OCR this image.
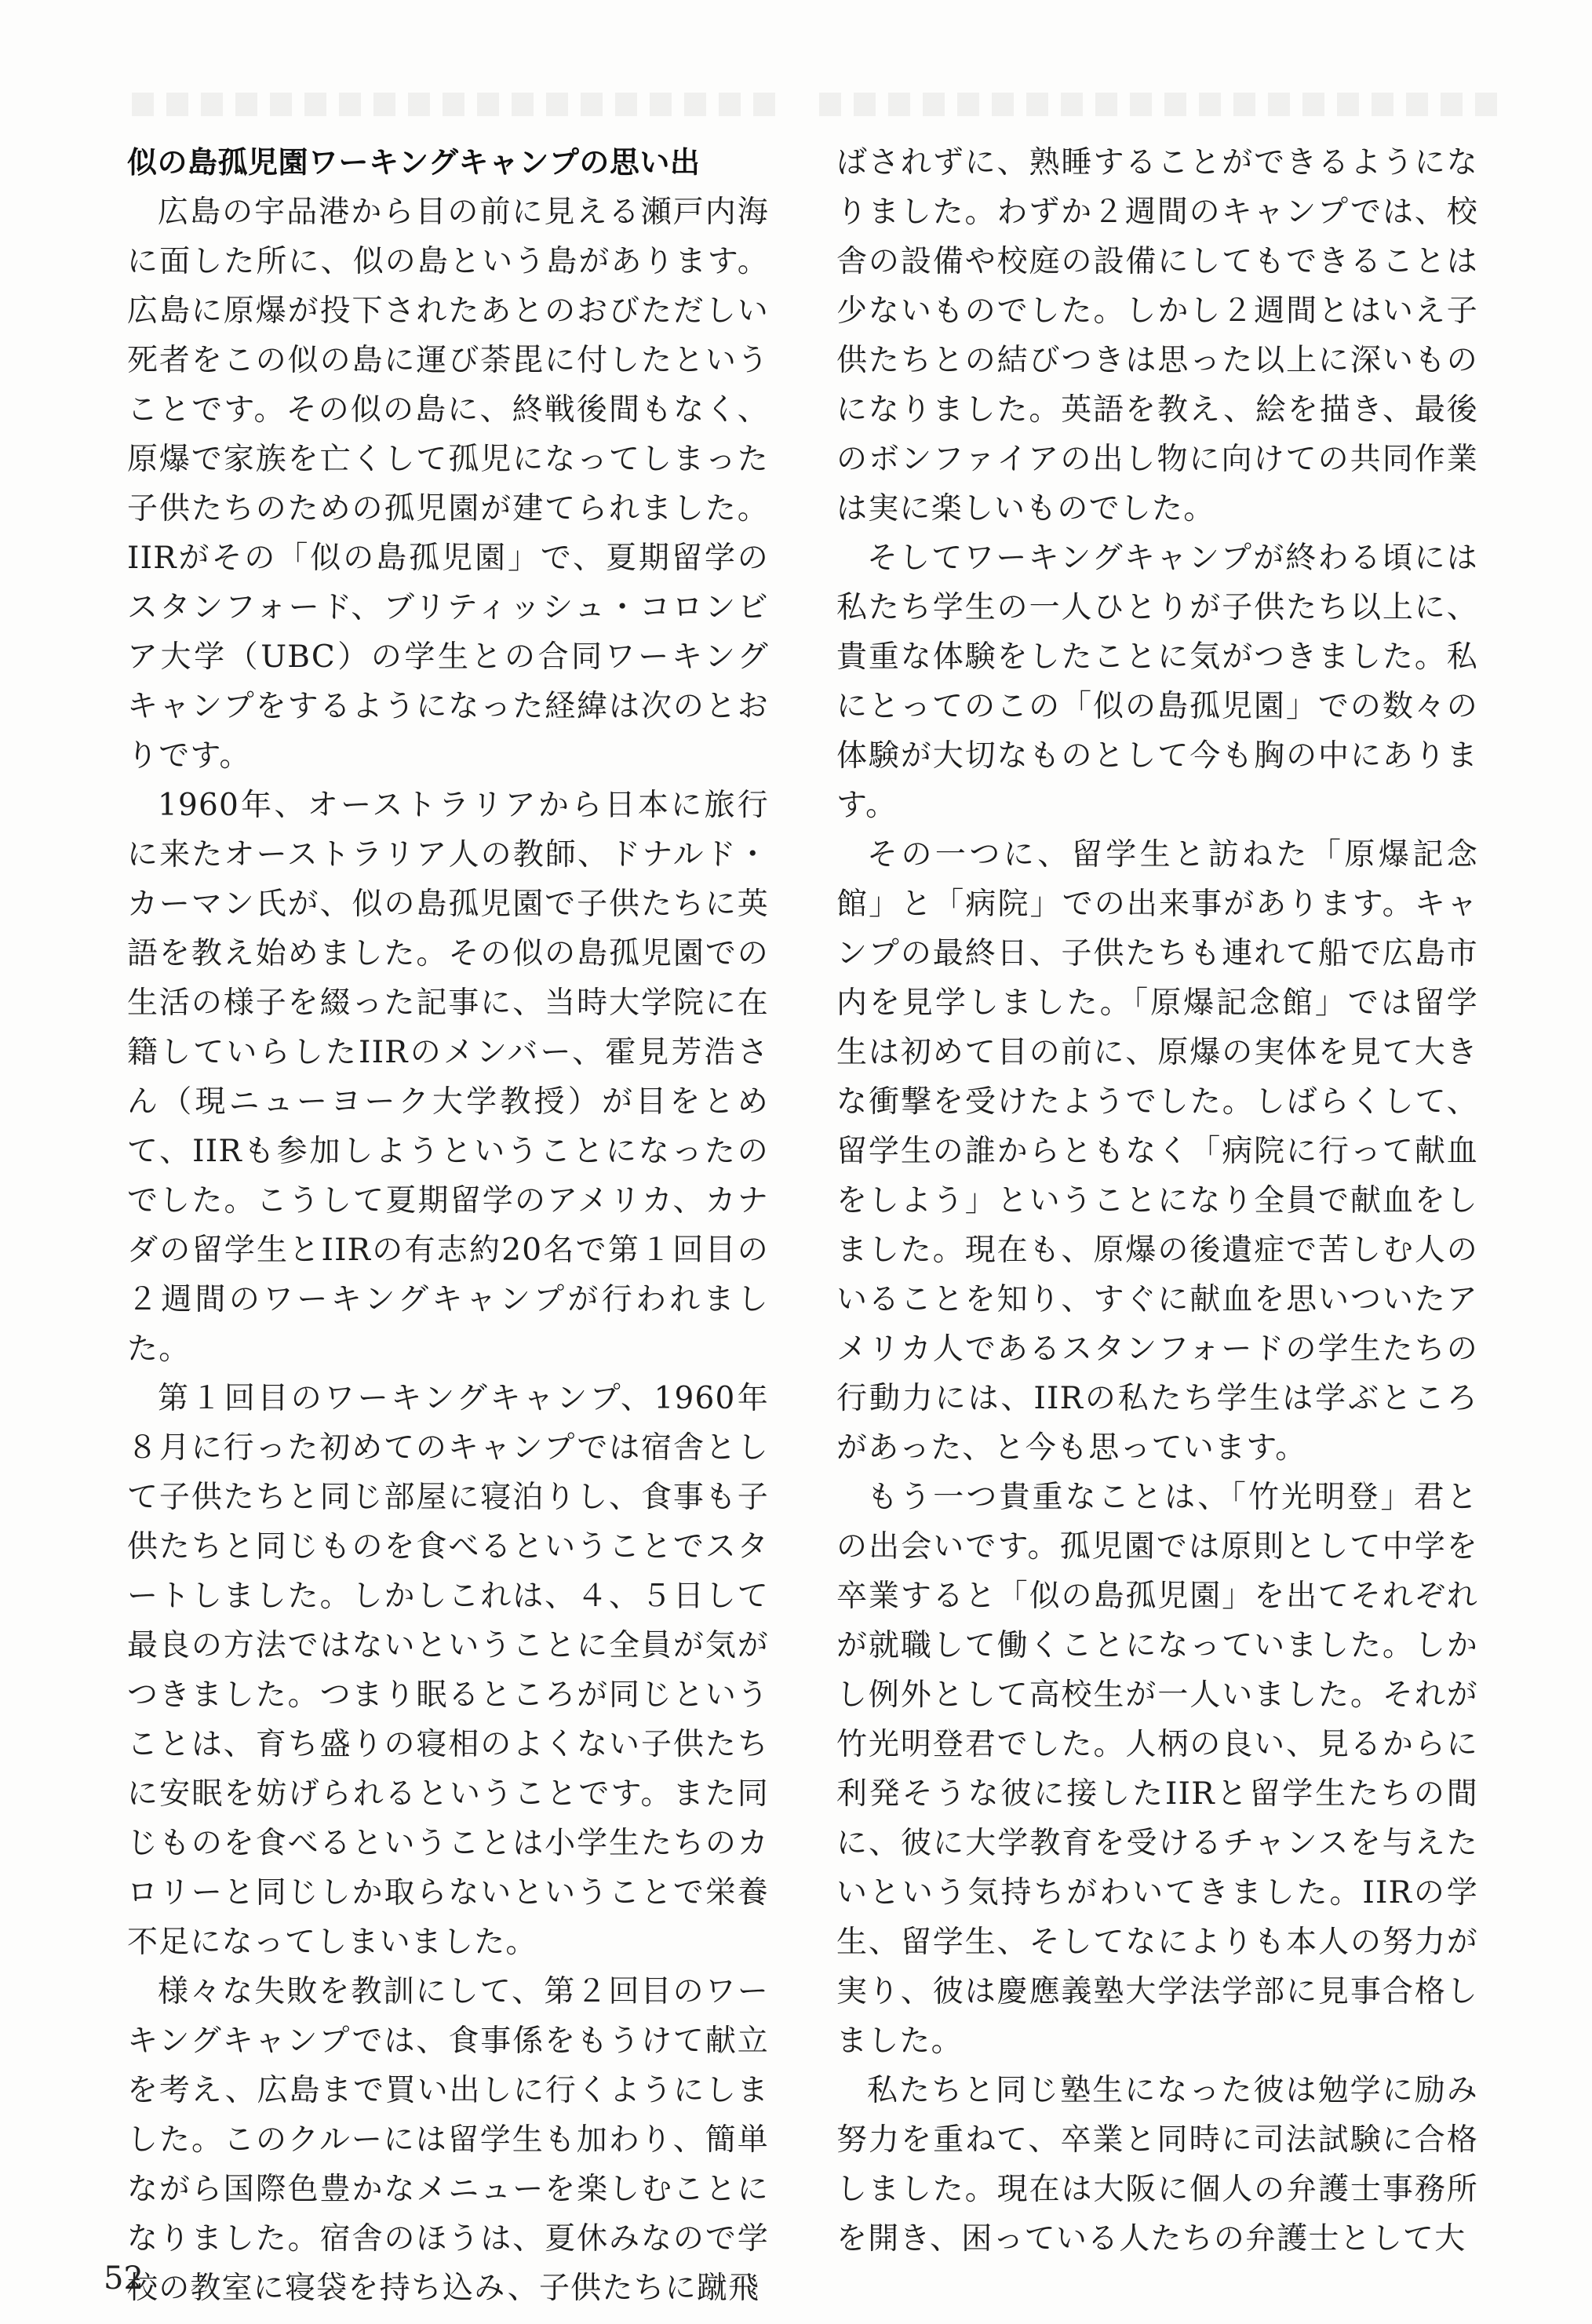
似の島孤児園ワーキングキャンプの思い出

広島の宇品港から目の前に見える瀬戸内海に面した所に、似の島という島があります。広島に原爆が投下されたあとのおびただしい死者をこの似の島に運び荼毘に付したということです。その似の島に、終戦後間もなく、原爆で家族を亡くして孤児になってしまった子供たちのための孤児園が建てられました。IIRがその「似の島孤児園」で、夏期留学のスタンフォード、ブリティッシュ・コロンビア大学（UBC）の学生との合同ワーキングキャンプをするようになった経緯は次のとおりです。

1960年、オーストラリアから日本に旅行に来たオーストラリア人の教師、ドナルド・カーマン氏が、似の島孤児園で子供たちに英語を教え始めました。その似の島孤児園での生活の様子を綴った記事に、当時大学院に在籍していらしたIIRのメンバー、霍見芳浩さん（現ニューヨーク大学教授）が目をとめて、IIRも参加しようということになったのでした。こうして夏期留学のアメリカ、カナダの留学生とIIRの有志約20名で第１回目の２週間のワーキングキャンプが行われました。

第１回目のワーキングキャンプ、1960年８月に行った初めてのキャンプでは宿舎として子供たちと同じ部屋に寝泊りし、食事も子供たちと同じものを食べるということでスタートしました。しかしこれは、４、５日して最良の方法ではないということに全員が気がつきました。つまり眠るところが同じということは、育ち盛りの寝相のよくない子供たちに安眠を妨げられるということです。また同じものを食べるということは小学生たちのカロリーと同じしか取らないということで栄養不足になってしまいました。

様々な失敗を教訓にして、第２回目のワーキングキャンプでは、食事係をもうけて献立を考え、広島まで買い出しに行くようにしました。このクルーには留学生も加わり、簡単ながら国際色豊かなメニューを楽しむことになりました。宿舎のほうは、夏休みなので学校の教室に寝袋を持ち込み、子供たちに蹴飛

ばされずに、熟睡することができるようになりました。わずか２週間のキャンプでは、校舎の設備や校庭の設備にしてもできることは少ないものでした。しかし２週間とはいえ子供たちとの結びつきは思った以上に深いものになりました。英語を教え、絵を描き、最後のボンファイアの出し物に向けての共同作業は実に楽しいものでした。

そしてワーキングキャンプが終わる頃には私たち学生の一人ひとりが子供たち以上に、貴重な体験をしたことに気がつきました。私にとってのこの「似の島孤児園」での数々の体験が大切なものとして今も胸の中にあります。

その一つに、留学生と訪ねた「原爆記念館」と「病院」での出来事があります。キャンプの最終日、子供たちも連れて船で広島市内を見学しました。「原爆記念館」では留学生は初めて目の前に、原爆の実体を見て大きな衝撃を受けたようでした。しばらくして、留学生の誰からともなく「病院に行って献血をしよう」ということになり全員で献血をしました。現在も、原爆の後遺症で苦しむ人のいることを知り、すぐに献血を思いついたアメリカ人であるスタンフォードの学生たちの行動力には、IIRの私たち学生は学ぶところがあった、と今も思っています。

もう一つ貴重なことは、「竹光明登」君との出会いです。孤児園では原則として中学を卒業すると「似の島孤児園」を出てそれぞれが就職して働くことになっていました。しかし例外として高校生が一人いました。それが竹光明登君でした。人柄の良い、見るからに利発そうな彼に接したIIRと留学生たちの間に、彼に大学教育を受けるチャンスを与えたいという気持ちがわいてきました。IIRの学生、留学生、そしてなによりも本人の努力が実り、彼は慶應義塾大学法学部に見事合格しました。

私たちと同じ塾生になった彼は勉学に励み努力を重ねて、卒業と同時に司法試験に合格しました。現在は大阪に個人の弁護士事務所を開き、困っている人たちの弁護士として大

52
